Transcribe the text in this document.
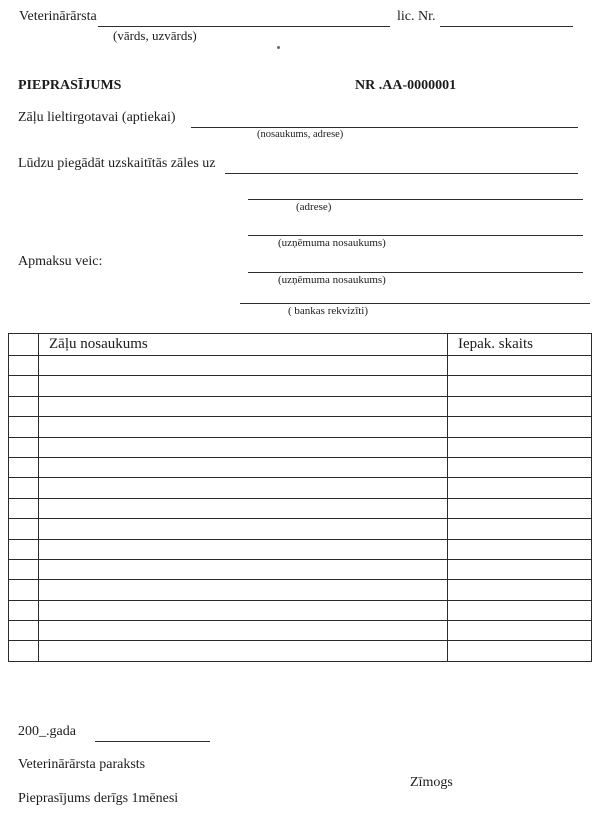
Veterinārārsta	lic. Nr.
(vārds, uzvārds)
PIEPRASĪJUMS	NR .AA-0000001
Zāļu lieltirgotavai (aptiekai)
(nosaukums, adrese)
Lūdzu piegādāt uzskaitītās zāles uz
(adrese)
(uzņēmuma nosaukums)
Apmaksu veic:
(uzņēmuma nosaukums)
( bankas rekvizīti)
	Zāļu nosaukums	Iepak. skaits

200_.gada
Veterinārārsta paraksts
Zīmogs
Pieprasījums derīgs 1mēnesi
